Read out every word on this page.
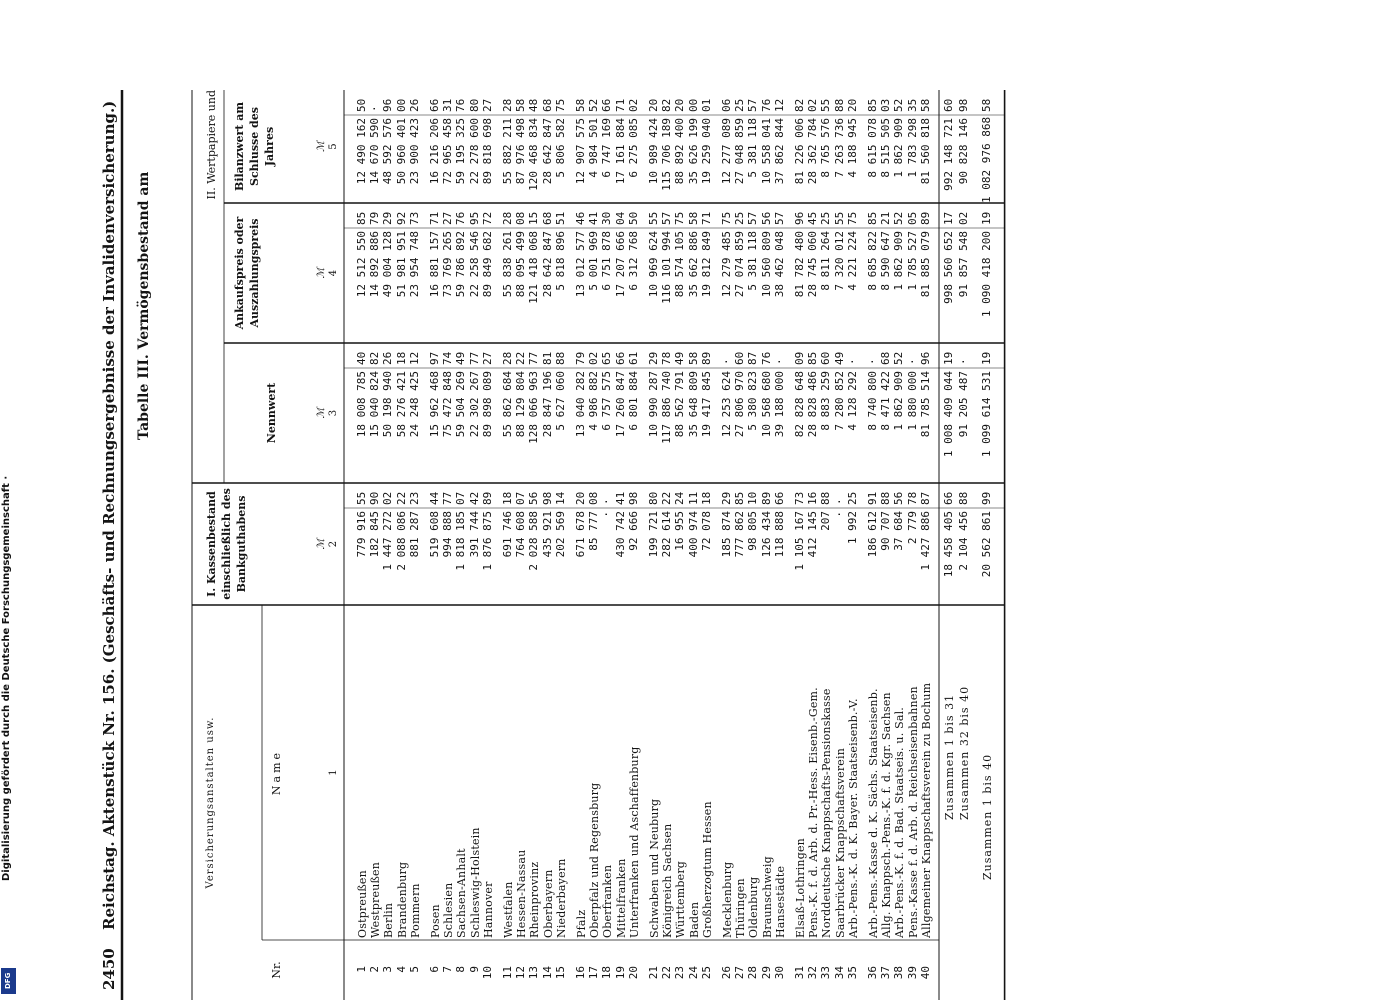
Digitalisierung gefördert durch die Deutsche Forschungsgemeinschaft ·
DFG	2450
Reichstag. Aktenstück Nr. 156. (Geschäfts- und Rechnungsergebnisse der Invalidenversicherung.) Tabelle III. Vermögensbestand am
Versicherungsanstalten usw.
Nr.
Name
I. Kassenbestand einschließlich des Bankguthabens
II. Wertpapiere und
Nennwert
Ankaufspreis oder Auszahlungspreis
Bilanzwert am Schlusse des Jahres
1
2
3
4
5
ℳ
ℳ
ℳ
ℳ
1
Ostpreußen
779 916
55
18 008 785
40
12 512 550
85
12 490 162
50
2
Westpreußen
182 845
90
15 040 824
82
14 892 886
79
14 670 590
·
3
Berlin
1 447 272
02
50 198 940
26
49 004 128
29
48 592 576
96
4
Brandenburg
2 088 086
22
58 276 421
18
51 981 951
92
50 960 401
00
5
Pommern
881 287
23
24 248 425
12
23 954 748
73
23 900 423
26
6
Posen
519 608
44
15 962 468
97
16 881 157
71
16 216 206
66
7
Schlesien
994 888
77
75 472 848
74
73 769 265
27
72 965 458
31
8
Sachsen-Anhalt
1 818 185
07
59 504 269
49
59 786 892
76
59 195 325
76
9
Schleswig-Holstein
391 744
42
22 302 267
77
22 258 546
95
22 278 600
80
10
Hannover
1 876 875
89
89 898 089
27
89 849 682
72
89 818 698
27
11
Westfalen
691 746
18
55 862 684
28
55 838 261
28
55 882 211
28
12
Hessen-Nassau
764 608
07
88 129 804
22
88 095 499
08
87 976 498
58
13
Rheinprovinz
2 028 588
56
128 066 963
77
121 418 068
15
120 468 834
48
14
Oberbayern
435 921
98
28 847 196
81
28 642 847
68
28 642 847
68
15
Niederbayern
202 569
14
5 627 060
88
5 818 896
51
5 806 582
75
16
Pfalz
671 678
20
13 040 282
79
13 012 577
46
12 907 575
58
17
Oberpfalz und Regensburg
85 777
08
4 986 882
02
5 001 969
41
4 984 501
52
18
Oberfranken
·
·
6 757 575
65
6 751 878
30
6 747 169
66
19
Mittelfranken
430 742
41
17 260 847
66
17 207 666
04
17 161 884
71
20
Unterfranken und Aschaffenburg
92 666
98
6 801 884
61
6 312 768
50
6 275 085
02
21
Schwaben und Neuburg
199 721
80
10 990 287
29
10 969 624
55
10 989 424
20
22
Königreich Sachsen
282 614
22
117 886 740
78
116 101 994
57
115 706 189
82
23
Württemberg
16 955
24
88 562 791
49
88 574 105
75
88 892 400
20
24
Baden
400 974
11
35 648 809
58
35 662 886
58
35 626 199
00
25
Großherzogtum Hessen
72 078
18
19 417 845
89
19 812 849
71
19 259 040
01
26
Mecklenburg
185 874
29
12 253 624
·
12 279 485
75
12 277 089
06
27
Thüringen
777 862
85
27 806 970
60
27 074 859
25
27 048 859
25
28
Oldenburg
98 805
10
5 380 823
87
5 381 118
57
5 381 118
57
29
Braunschweig
126 434
89
10 568 680
76
10 560 809
56
10 558 041
76
30
Hansestädte
118 888
66
39 188 000
·
38 462 048
57
37 862 844
12
31
Elsaß-Lothringen
1 105 167
73
82 828 648
09
81 782 480
96
81 226 006
82
32
Pens.-K. f. d. Arb. d. Pr.-Hess. Eisenb.-Gem.
412 145
16
28 828 486
85
28 745 060
45
28 362 784
02
33
Norddeutsche Knappschafts-Pensionskasse
207
88
8 883 259
60
8 811 264
25
8 765 576
55
34
Saarbrücker Knappschaftsverein
·
·
7 280 852
49
7 320 012
55
7 263 736
88
35
Arb.-Pens.-K. d. K. Bayer. Staatseisenb.-V.
1 992
25
4 128 292
·
4 221 224
75
4 188 945
20
36
Arb.-Pens.-Kasse d. K. Sächs. Staatseisenb.
186 612
91
8 740 800
·
8 685 822
85
8 615 078
85
37
Allg. Knappsch.-Pens.-K. f. d. Kgr. Sachsen
90 707
88
8 471 422
68
8 590 647
21
8 515 505
03
38
Arb.-Pens.-K. f. d. Bad. Staatseis. u. Sal.
37 684
56
1 862 909
52
1 862 909
52
1 862 909
52
39
Pens.-Kasse f. d. Arb. d. Reichseisenbahnen
2 779
78
1 880 000
·
1 785 527
05
1 783 298
35
40
Allgemeiner Knappschaftsverein zu Bochum
1 427 886
87
81 785 514
96
81 885 079
89
81 560 818
58
Zusammen 1 bis 31
18 458 405
66
1 008 409 044
19
998 560 652
17
992 148 721
60
Zusammen 32 bis 40
2 104 456
88
91 205 487
·
91 857 548
02
90 828 146
98
Zusammen 1 bis 40
20 562 861
99
1 099 614 531
19
1 090 418 200
19
1 082 976 868
58
